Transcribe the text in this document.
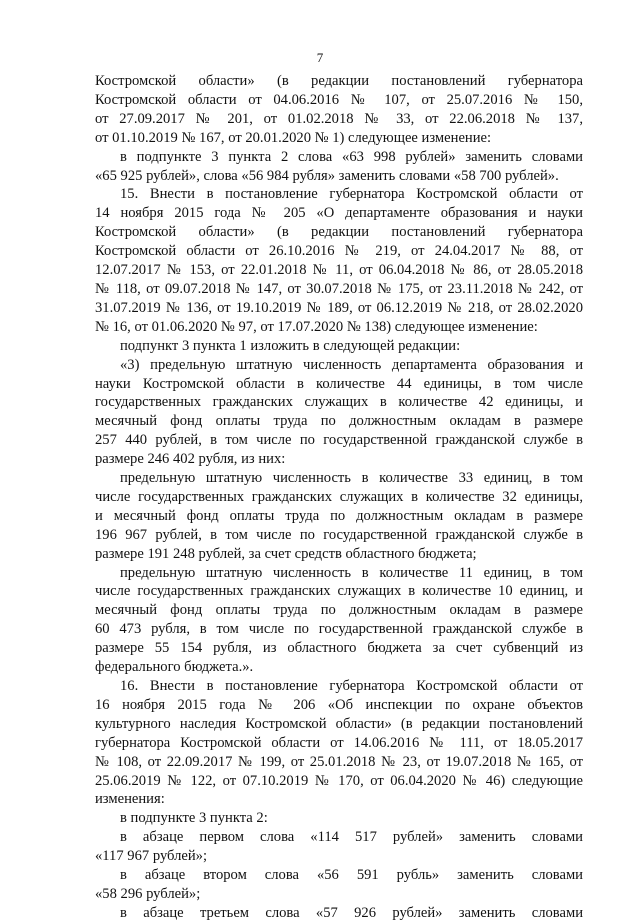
7
Костромской области» (в редакции постановлений губернатора
Костромской области от 04.06.2016 № 107, от 25.07.2016 № 150,
от 27.09.2017 № 201, от 01.02.2018 № 33, от 22.06.2018 № 137,
от 01.10.2019 № 167, от 20.01.2020 № 1) следующее изменение:
в подпункте 3 пункта 2 слова «63 998 рублей» заменить словами
«65 925 рублей», слова «56 984 рубля» заменить словами «58 700 рублей».
15. Внести в постановление губернатора Костромской области от
14 ноября 2015 года № 205 «О департаменте образования и науки
Костромской области» (в редакции постановлений губернатора
Костромской области от 26.10.2016 № 219, от 24.04.2017 № 88, от
12.07.2017 № 153, от 22.01.2018 № 11, от 06.04.2018 № 86, от 28.05.2018
№ 118, от 09.07.2018 № 147, от 30.07.2018 № 175, от 23.11.2018 № 242, от
31.07.2019 № 136, от 19.10.2019 № 189, от 06.12.2019 № 218, от 28.02.2020
№ 16, от 01.06.2020 № 97, от 17.07.2020 № 138) следующее изменение:
подпункт 3 пункта 1 изложить в следующей редакции:
«3) предельную штатную численность департамента образования и
науки Костромской области в количестве 44 единицы, в том числе
государственных гражданских служащих в количестве 42 единицы, и
месячный фонд оплаты труда по должностным окладам в размере
257 440 рублей, в том числе по государственной гражданской службе в
размере 246 402 рубля, из них:
предельную штатную численность в количестве 33 единиц, в том
числе государственных гражданских служащих в количестве 32 единицы,
и месячный фонд оплаты труда по должностным окладам в размере
196 967 рублей, в том числе по государственной гражданской службе в
размере 191 248 рублей, за счет средств областного бюджета;
предельную штатную численность в количестве 11 единиц, в том
числе государственных гражданских служащих в количестве 10 единиц, и
месячный фонд оплаты труда по должностным окладам в размере
60 473 рубля, в том числе по государственной гражданской службе в
размере 55 154 рубля, из областного бюджета за счет субвенций из
федерального бюджета.».
16. Внести в постановление губернатора Костромской области от
16 ноября 2015 года № 206 «Об инспекции по охране объектов
культурного наследия Костромской области» (в редакции постановлений
губернатора Костромской области от 14.06.2016 № 111, от 18.05.2017
№ 108, от 22.09.2017 № 199, от 25.01.2018 № 23, от 19.07.2018 № 165, от
25.06.2019 № 122, от 07.10.2019 № 170, от 06.04.2020 № 46) следующие
изменения:
в подпункте 3 пункта 2:
в абзаце первом слова «114 517 рублей» заменить словами
«117 967 рублей»;
в абзаце втором слова «56 591 рубль» заменить словами
«58 296 рублей»;
в абзаце третьем слова «57 926 рублей» заменить словами
